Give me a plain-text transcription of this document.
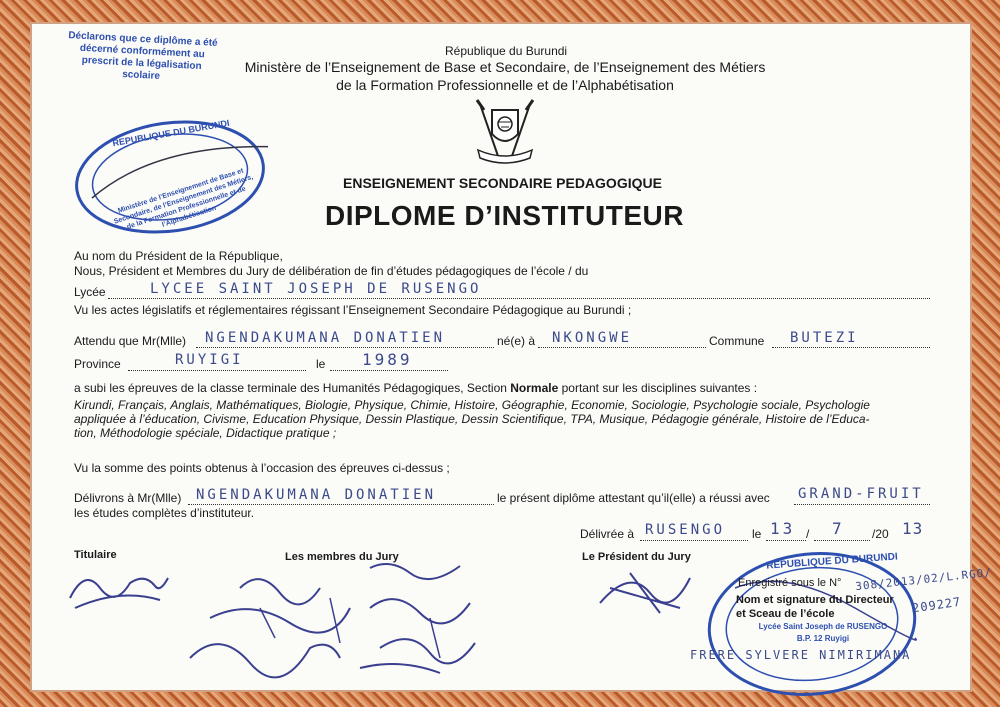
République du Burundi
Ministère de l’Enseignement de Base et Secondaire, de l’Enseignement des Métiers
de la Formation Professionnelle et de l’Alphabétisation
ENSEIGNEMENT SECONDAIRE PEDAGOGIQUE
DIPLOME D’INSTITUTEUR
Déclarons que ce diplôme a été décerné conformément au prescrit de la légalisation scolaire
REPUBLIQUE DU BURUNDI
Ministère de l’Enseignement de Base et Secondaire, de l’Enseignement des Métiers, de la Formation Professionnelle et de l’Alphabétisation
Au nom du Président de la République,
Nous, Président et Membres du Jury de délibération de fin d’études pédagogiques de l’école / du
Lycée	LYCEE SAINT JOSEPH DE RUSENGO
Vu les actes législatifs et réglementaires régissant l’Enseignement Secondaire Pédagogique au Burundi ;
Attendu que Mr(Mlle) NGENDAKUMANA DONATIEN	né(e) à NKONGWE	Commune BUTEZI
Province	RUYIGI	le 1989
a subi les épreuves de la classe terminale des Humanités Pédagogiques, Section Normale portant sur les disciplines suivantes :
Kirundi, Français, Anglais, Mathématiques, Biologie, Physique, Chimie, Histoire, Géographie, Economie, Sociologie, Psychologie sociale, Psychologie
appliquée à l’éducation, Civisme, Education Physique, Dessin Plastique, Dessin Scientifique, TPA, Musique, Pédagogie générale, Histoire de l’Educa-
tion, Méthodologie spéciale, Didactique pratique ;
Vu la somme des points obtenus à l’occasion des épreuves ci-dessus ;
Délivrons à Mr(Mlle) NGENDAKUMANA DONATIEN	le présent diplôme attestant qu’il(elle) a réussi avec GRAND-FRUIT
les études complètes d’instituteur.
Délivrée à RUSENGO le 13 / 7 /20 13
Titulaire	Les membres du Jury	Le Président du Jury	REPUBLIQUE DU BURUNDI
Enregistré sous le N° 308/2013/02/L.RGO/
209227
Nom et signature du Directeur
et Sceau de l’école
Lycée Saint Joseph de RUSENGO
B.P. 12 Ruyigi
FRERE SYLVERE NIMIRIMANA
